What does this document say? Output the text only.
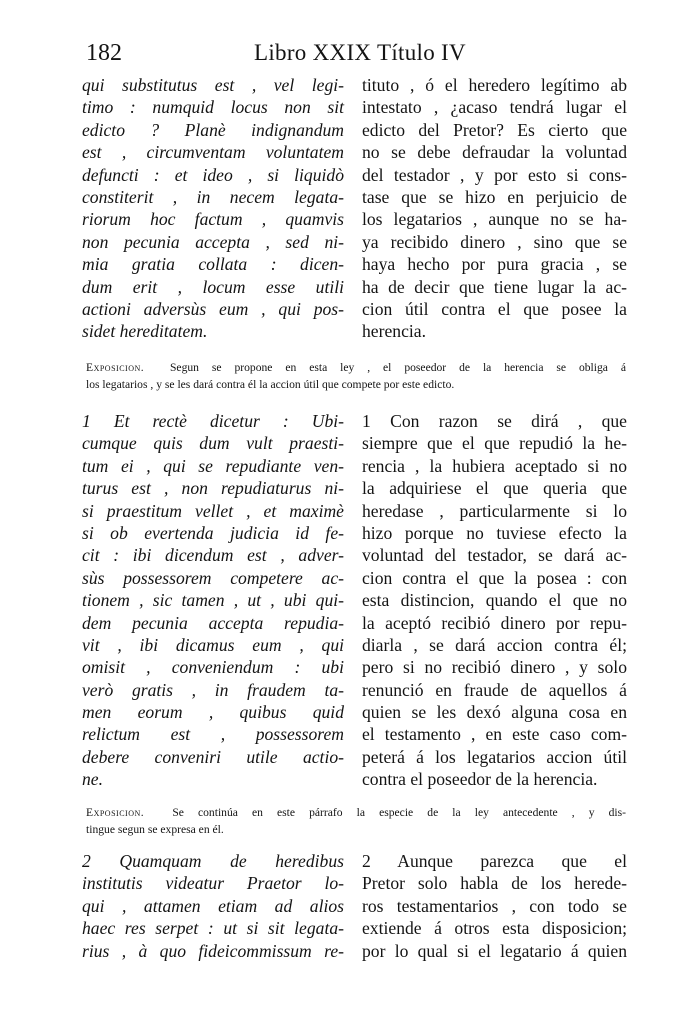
182	Libro XXIX Título IV
qui substitutus est , vel legi-
timo : numquid locus non sit
edicto ? Planè indignandum
est , circumventam voluntatem
defuncti : et ideo , si liquidò
constiterit , in necem legata-
riorum hoc factum , quamvis
non pecunia accepta , sed ni-
mia gratia collata : dicen-
dum erit , locum esse utili
actioni adversùs eum , qui pos-
sidet hereditatem.
tituto , ó el heredero legítimo ab
intestato , ¿acaso tendrá lugar el
edicto del Pretor? Es cierto que
no se debe defraudar la voluntad
del testador , y por esto si cons-
tase que se hizo en perjuicio de
los legatarios , aunque no se ha-
ya recibido dinero , sino que se
haya hecho por pura gracia , se
ha de decir que tiene lugar la ac-
cion útil contra el que posee la
herencia.
Exposicion. Segun se propone en esta ley , el poseedor de la herencia se obliga á
los legatarios , y se les dará contra él la accion útil que compete por este edicto.
1 Et rectè dicetur : Ubi-
cumque quis dum vult praesti-
tum ei , qui se repudiante ven-
turus est , non repudiaturus ni-
si praestitum vellet , et maximè
si ob evertenda judicia id fe-
cit : ibi dicendum est , adver-
sùs possessorem competere ac-
tionem , sic tamen , ut , ubi qui-
dem pecunia accepta repudia-
vit , ibi dicamus eum , qui
omisit , conveniendum : ubi
verò gratis , in fraudem ta-
men eorum , quibus quid
relictum est , possessorem
debere conveniri utile actio-
ne.
1 Con razon se dirá , que
siempre que el que repudió la he-
rencia , la hubiera aceptado si no
la adquiriese el que queria que
heredase , particularmente si lo
hizo porque no tuviese efecto la
voluntad del testador, se dará ac-
cion contra el que la posea : con
esta distincion, quando el que no
la aceptó recibió dinero por repu-
diarla , se dará accion contra él;
pero si no recibió dinero , y solo
renunció en fraude de aquellos á
quien se les dexó alguna cosa en
el testamento , en este caso com-
peterá á los legatarios accion útil
contra el poseedor de la herencia.
Exposicion. Se continúa en este párrafo la especie de la ley antecedente , y dis-
tingue segun se expresa en él.
2 Quamquam de heredibus
institutis videatur Praetor lo-
qui , attamen etiam ad alios
haec res serpet : ut si sit legata-
rius , à quo fideicommissum re-
2 Aunque parezca que el
Pretor solo habla de los herede-
ros testamentarios , con todo se
extiende á otros esta disposicion;
por lo qual si el legatario á quien
